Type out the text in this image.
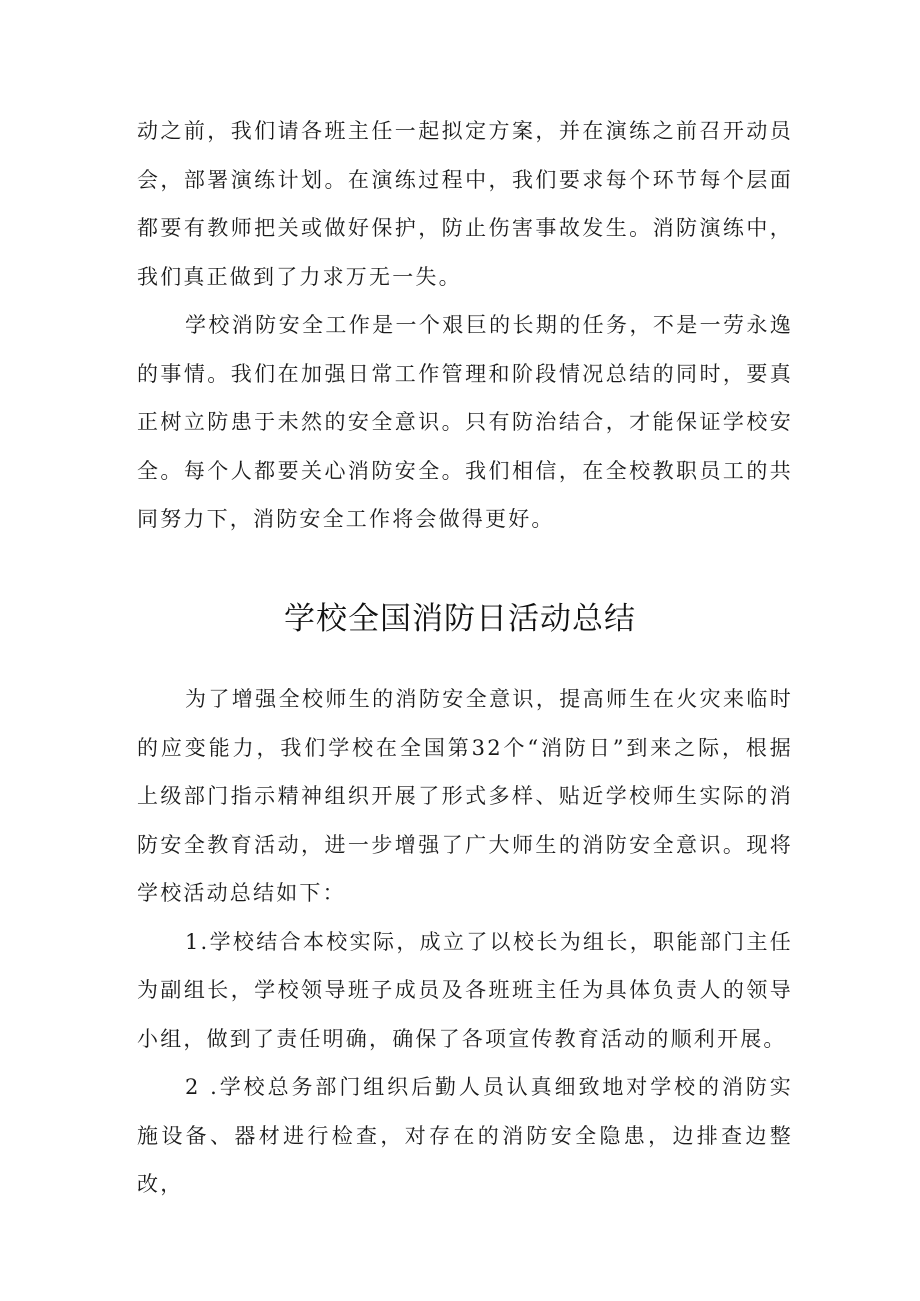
动之前，我们请各班主任一起拟定方案，并在演练之前召开动员会，部署演练计划。在演练过程中，我们要求每个环节每个层面都要有教师把关或做好保护，防止伤害事故发生。消防演练中，我们真正做到了力求万无一失。

学校消防安全工作是一个艰巨的长期的任务，不是一劳永逸的事情。我们在加强日常工作管理和阶段情况总结的同时，要真正树立防患于未然的安全意识。只有防治结合，才能保证学校安全。每个人都要关心消防安全。我们相信，在全校教职员工的共同努力下，消防安全工作将会做得更好。

学校全国消防日活动总结

为了增强全校师生的消防安全意识，提高师生在火灾来临时的应变能力，我们学校在全国第32个“消防日”到来之际，根据上级部门指示精神组织开展了形式多样、贴近学校师生实际的消防安全教育活动，进一步增强了广大师生的消防安全意识。现将学校活动总结如下：

1.学校结合本校实际，成立了以校长为组长，职能部门主任为副组长，学校领导班子成员及各班班主任为具体负责人的领导小组，做到了责任明确，确保了各项宣传教育活动的顺利开展。

2 .学校总务部门组织后勤人员认真细致地对学校的消防实施设备、器材进行检查，对存在的消防安全隐患，边排查边整改，
